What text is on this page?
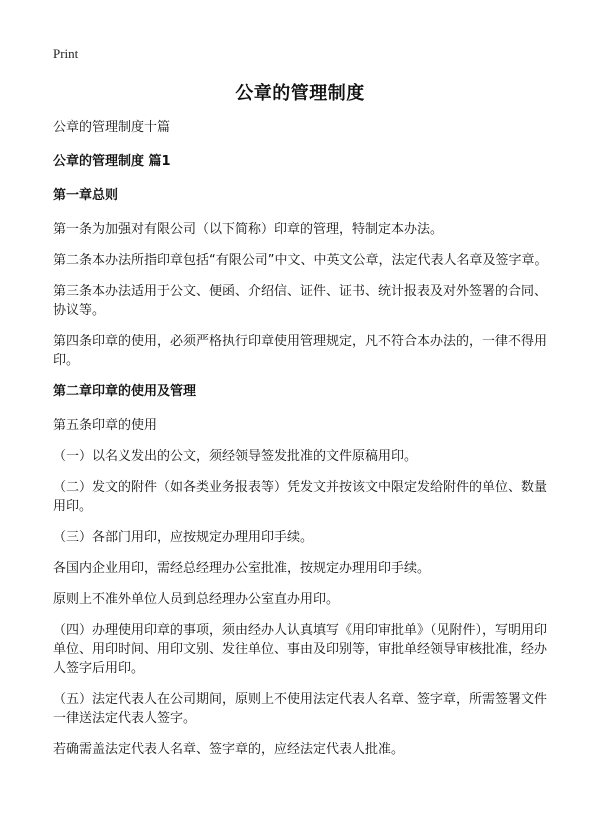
Print
公章的管理制度

公章的管理制度十篇

公章的管理制度 篇1

第一章总则

第一条为加强对有限公司（以下简称）印章的管理，特制定本办法。

第二条本办法所指印章包括“有限公司”中文、中英文公章，法定代表人名章及签字章。

第三条本办法适用于公文、便函、介绍信、证件、证书、统计报表及对外签署的合同、协议等。

第四条印章的使用，必须严格执行印章使用管理规定，凡不符合本办法的，一律不得用印。

第二章印章的使用及管理

第五条印章的使用

（一）以名义发出的公文，须经领导签发批准的文件原稿用印。

（二）发文的附件（如各类业务报表等）凭发文并按该文中限定发给附件的单位、数量用印。

（三）各部门用印，应按规定办理用印手续。

各国内企业用印，需经总经理办公室批准，按规定办理用印手续。

原则上不准外单位人员到总经理办公室直办用印。

（四）办理使用印章的事项，须由经办人认真填写《用印审批单》（见附件），写明用印单位、用印时间、用印文别、发往单位、事由及印别等，审批单经领导审核批准，经办人签字后用印。

（五）法定代表人在公司期间，原则上不使用法定代表人名章、签字章，所需签署文件一律送法定代表人签字。

若确需盖法定代表人名章、签字章的，应经法定代表人批准。
